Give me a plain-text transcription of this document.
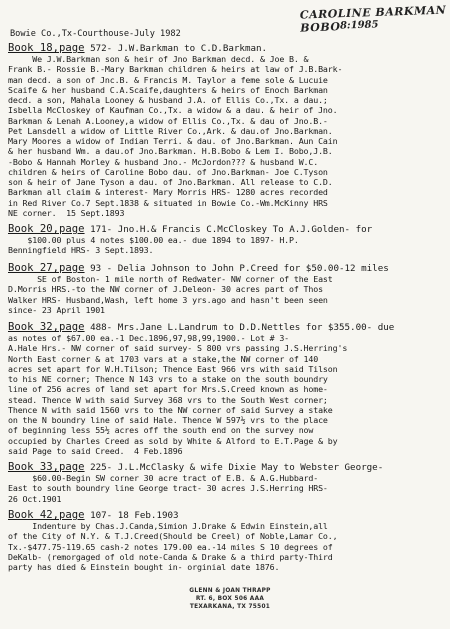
CAROLINE BARKMAN BOBO 8:1985
Bowie Co.,Tx-Courthouse-July 1982
Book 18,page 572- J.W.Barkman to C.D.Barkman.
We J.W.Barkman son & heir of Jno Barkman decd. & Joe B. &
Frank B.- Rossie B.-Mary Barkman children & heirs at law of J.B.Bark-
man decd. a son of Jnc.B. & Francis M. Taylor a feme sole & Lucuie
Scaife & her husband C.A.Scaife,daughters & heirs of Enoch Barkman
decd. a son, Mahala Looney & husband J.A. of Ellis Co.,Tx. a dau.;
Isbella McCloskey of Kaufman Co.,Tx. a widow & a dau. & heir of Jno.
Barkman & Lenah A.Looney,a widow of Ellis Co.,Tx. & dau of Jno.B.-
Pet Lansdell a widow of Little River Co.,Ark. & dau.of Jno.Barkman.
Mary Moores a widow of Indian Terri. & dau. of Jno.Barkman. Aun Cain
& her husband Wm. a dau.of Jno.Barkman. H.B.Bobo & Lem I. Bobo,J.B.
-Bobo & Hannah Morley & husband Jno.- McJordon??? & husband W.C.
children & heirs of Caroline Bobo dau. of Jno.Barkman- Joe C.Tyson
son & heir of Jane Tyson a dau. of Jno.Barkman. All release to C.D.
Barkman all claim & interest- Mary Morris HRS- 1280 acres recorded
in Red River Co.7 Sept.1838 & situated in Bowie Co.-Wm.McKinny HRS
NE corner.  15 Sept.1893
Book 20,page 171- Jno.H.& Francis C.McCloskey To A.J.Golden- for
$100.00 plus 4 notes $100.00 ea.- due 1894 to 1897- H.P.
Benningfield HRS- 3 Sept.1893.
Book 27,page 93 - Delia Johnson to John P.Creed for $50.00-12 miles
SE of Boston- 1 mile north of Redwater- NW corner of the East
D.Morris HRS.-to the NW corner of J.Deleon- 30 acres part of Thos
Walker HRS- Husband,Wash, left home 3 yrs.ago and hasn't been seen
since- 23 April 1901
Book 32,page 488- Mrs.Jane L.Landrum to D.D.Nettles for $355.00- due
as notes of $67.00 ea.-1 Dec.1896,97,98,99,1900.- Lot # 3-
A.Hale Hrs.- NW corner of said survey- S 800 vrs passing J.S.Herring's
North East corner & at 1703 vars at a stake,the NW corner of 140
acres set apart for W.H.Tilson; Thence East 966 vrs with said Tilson
to his NE corner; Thence N 143 vrs to a stake on the south boundry
line of 256 acres of land set apart for Mrs.S.Creed known as home-
stead. Thence W with said Survey 368 vrs to the South West corner;
Thence N with said 1560 vrs to the NW corner of said Survey a stake
on the N boundry line of said Hale. Thence W 597½ vrs to the place
of beginning less 55½ acres off the south end on the survey now
occupied by Charles Creed as sold by White & Alford to E.T.Page & by
said Page to said Creed.  4 Feb.1896
Book 33,page 225- J.L.McClasky & wife Dixie May to Webster George-
$60.00-Begin SW corner 30 acre tract of E.B. & A.G.Hubbard-
East to south boundry line George tract- 30 acres J.S.Herring HRS-
26 Oct.1901
Book 42,page 107- 18 Feb.1903
Indenture by Chas.J.Canda,Simion J.Drake & Edwin Einstein,all
of the City of N.Y. & T.J.Creed(Should be Creel) of Noble,Lamar Co.,
Tx.-$477.75-119.65 cash-2 notes 179.00 ea.-14 miles S 10 degrees of
DeKalb- (remorgaged of old note-Canda & Drake & a third party-Third
party has died & Einstein bought in- orginial date 1876.
GLENN & JOAN THRAPP
RT. 6, BOX 506 AAA
TEXARKANA, TX 75501
